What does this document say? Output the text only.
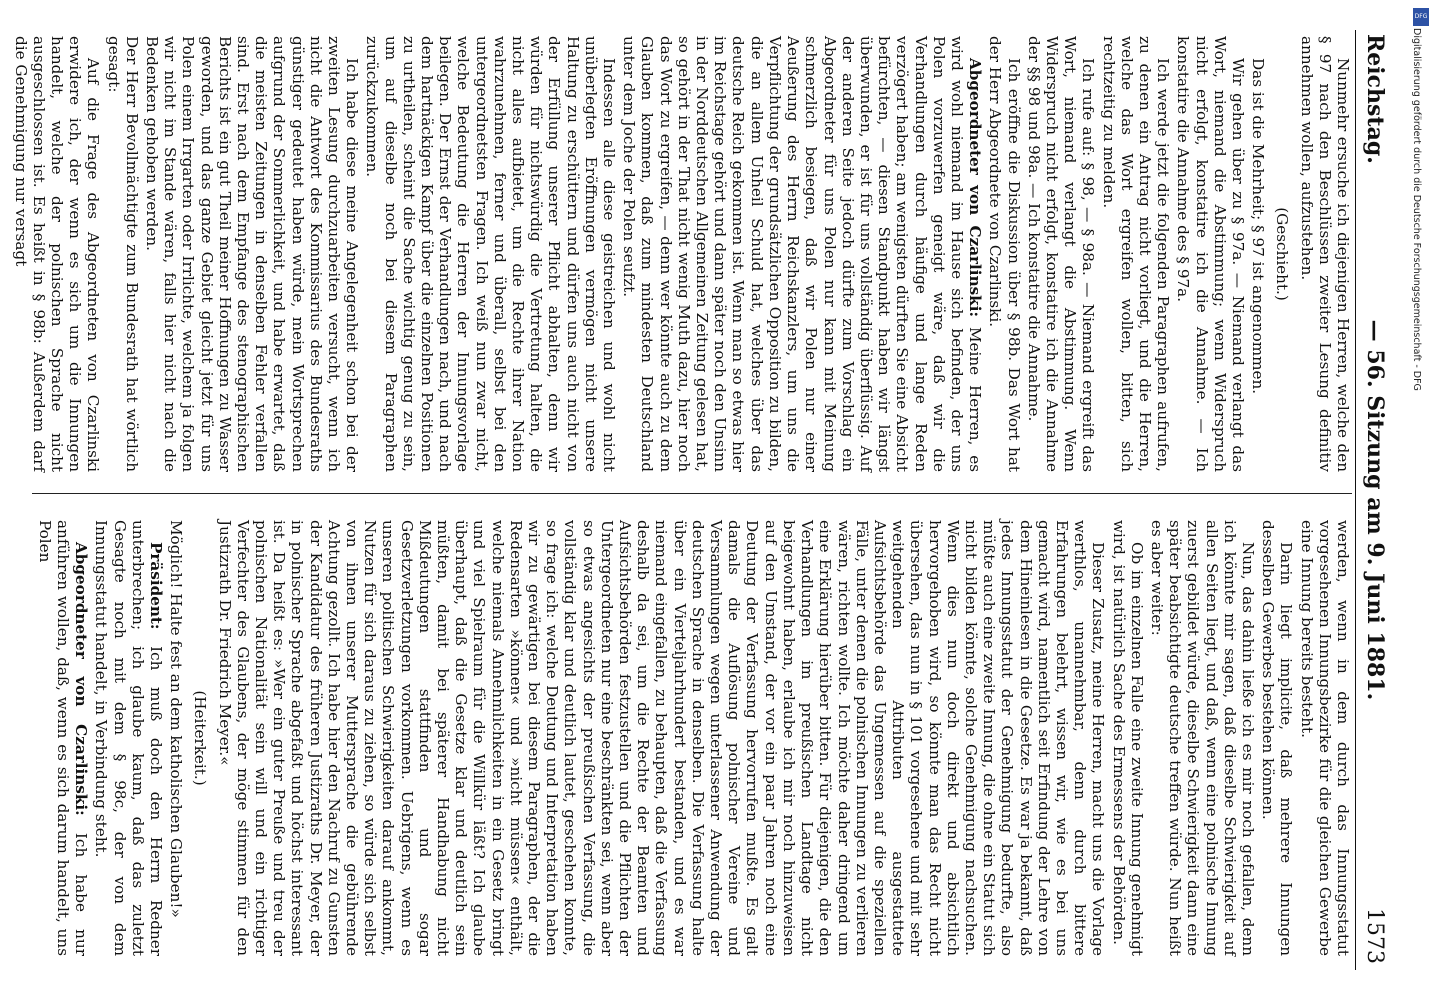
Reichstag.
— 56. Sitzung am 9. Juni 1881.
1573

Nunmehr ersuche ich diejenigen Herren, welche den § 97 nach den Beschlüssen zweiter Lesung definitiv annehmen wollen, aufzustehen.

(Geschieht.)

Das ist die Mehrheit; § 97 ist angenommen.

Wir gehen über zu § 97a. — Niemand verlangt das Wort, niemand die Abstimmung; wenn Widerspruch nicht erfolgt, konstatire ich die Annahme. — Ich konstatire die Annahme des § 97a.

Ich werde jetzt die folgenden Paragraphen aufrufen, zu denen ein Antrag nicht vorliegt, und die Herren, welche das Wort ergreifen wollen, bitten, sich rechtzeitig zu melden.

Ich rufe auf: § 98, — § 98a. — Niemand ergreift das Wort, niemand verlangt die Abstimmung. Wenn Widerspruch nicht erfolgt, konstatire ich die Annahme der §§ 98 und 98a. — Ich konstatire die Annahme.

Ich eröffne die Diskussion über § 98b. Das Wort hat der Herr Abgeordnete von Czarlinski.

Abgeordneter von Czarlinski: Meine Herren, es wird wohl niemand im Hause sich befinden, der uns Polen vorzuwerfen geneigt wäre, daß wir die Verhandlungen durch häufige und lange Reden verzögert haben; am wenigsten dürften Sie eine Absicht befürchten, — diesen Standpunkt haben wir längst überwunden, er ist für uns vollständig überflüssig. Auf der anderen Seite jedoch dürfte zum Vorschlag ein Abgeordneter für uns Polen nur kann mit Meinung schmerzlich besiegen, daß wir Polen nur einer Aeußerung des Herrn Reichskanzlers, um uns die Verpflichtung der grundsätzlichen Opposition zu bilden, die an allem Unheil Schuld hat, welches über das deutsche Reich gekommen ist. Wenn man so etwas hier im Reichstage gehört und dann später noch den Unsinn in der Norddeutschen Allgemeinen Zeitung gelesen hat, so gehört in der That nicht wenig Muth dazu, hier noch das Wort zu ergreifen, — denn wer könnte auch zu dem Glauben kommen, daß zum mindesten Deutschland unter dem Joche der Polen seufzt.

Indessen alle diese geistreichen und wohl nicht unüberlegten Eröffnungen vermögen nicht unsere Haltung zu erschüttern und dürfen uns auch nicht von der Erfüllung unserer Pflicht abhalten, denn wir würden für nichtswürdig die Vertretung halten, die nicht alles aufbietet, um die Rechte ihrer Nation wahrzunehmen, ferner und überall, selbst bei den untergeordnetsten Fragen. Ich weiß nun zwar nicht, welche Bedeutung die Herren der Innungsvorlage beilegen. Der Ernst der Verhandlungen nach, und nach dem hartnäckigen Kampf über die einzelnen Positionen zu urtheilen, scheint die Sache wichtig genug zu sein, um auf dieselbe noch bei diesem Paragraphen zurückzukommen.

Ich habe diese meine Angelegenheit schon bei der zweiten Lesung durchzuarbeiten versucht, wenn ich nicht die Antwort des Kommissarius des Bundesraths günstiger gedeutet haben würde, mein Wortsprechen aufgrund der Sommerlichkeit, und habe erwartet, daß die meisten Zeitungen in denselben Fehler verfallen sind. Erst nach dem Empfange des stenographischen Berichts ist ein gut Theil meiner Hoffnungen zu Wasser geworden, und das ganze Gebiet gleicht jetzt für uns Polen einem Irrgarten oder Irrlichte, welchem ja folgen wir nicht im Stande wären, falls hier nicht nach die Bedenken gehoben werden.

Der Herr Bevollmächtigte zum Bundesrath hat wörtlich gesagt:

Auf die Frage des Abgeordneten von Czarlinski erwidere ich, der wenn es sich um die Innungen handelt, welche der polnischen Sprache nicht ausgeschlossen ist. Es heißt in § 98b: Außerdem darf die Genehmigung nur versagt

werden, wenn in dem durch das Innungsstatut vorgesehenen Innungsbezirke für die gleichen Gewerbe eine Innung bereits besteht.

Darin liegt implicite, daß mehrere Innungen desselben Gewerbes bestehen können.

Nun, das dahin ließe ich es mir noch gefallen, denn ich könnte mir sagen, daß dieselbe Schwierigkeit auf allen Seiten liegt, und daß, wenn eine polnische Innung zuerst gebildet würde, dieselbe Schwierigkeit dann eine später beabsichtigte deutsche treffen würde. Nun heißt es aber weiter:

Ob im einzelnen Falle eine zweite Innung genehmigt wird, ist natürlich Sache des Ermessens der Behörden.

Dieser Zusatz, meine Herren, macht uns die Vorlage werthlos, unannehmbar, denn durch bittere Erfahrungen belehrt, wissen wir, wie es bei uns gemacht wird, namentlich seit Erfindung der Lehre von dem Hineinlesen in die Gesetze. Es war ja bekannt, daß jedes Innungsstatut der Genehmigung bedurfte, also müßte auch eine zweite Innung, die ohne ein Statut sich nicht bilden könnte, solche Genehmigung nachsuchen. Wenn dies nun doch direkt und absichtlich hervorgehoben wird, so könnte man das Recht nicht übersehen, das nun in § 101 vorgesehene und mit sehr weitgehenden Attributen ausgestattete Aufsichtsbehörde das Ungemessen auf die speziellen Fälle, unter denen die polnischen Innungen zu verlieren wären, richten wollte. Ich möchte daher dringend um eine Erklärung hierüber bitten. Für diejenigen, die den Verhandlungen im preußischen Landtage nicht beigewohnt haben, erlaube ich mir noch hinzuweisen auf den Umstand, der vor ein paar Jahren noch eine Deutung der Verfassung hervorrufen mußte. Es galt damals die Auflösung polnischer Vereine und Versammlungen wegen unterlassener Anwendung der deutschen Sprache in denselben. Die Verfassung halte über ein Vierteljahrhundert bestanden, und es war niemand eingefallen, zu behaupten, daß die Verfassung deshalb da sei, um die Rechte der Beamten und Aufsichtsbehörden festzustellen und die Pflichten der Untergeordneten nur eine beschränkten sei, wenn aber so etwas angesichts der preußischen Verfassung, die vollständig klar und deutlich lautet, geschehen konnte, so frage ich: welche Deutung und Interpretation haben wir zu gewärtigen bei diesem Paragraphen, der die Redensarten »können« und »nicht müssen« enthält, welche niemals Annehmlichkeiten in ein Gesetz bringt und viel Spielraum für die Willkür läßt? Ich glaube überhaupt, daß die Gesetze klar und deutlich sein müßten, damit bei späterer Handhabung nicht Mißdeutungen stattfinden und sogar Gesetzverletzungen vorkommen. Uebrigens, wenn es unseren politischen Schwierigkeiten darauf ankommt, Nutzen für sich daraus zu ziehen, so würde sich selbst von ihnen unserer Muttersprache die gebührende Achtung gezollt. Ich habe hier den Nachruf zu Gunsten der Kandidatur des früheren Justizraths Dr. Meyer, der in polnischer Sprache abgefaßt und höchst interessant ist. Da heißt es: »Wer ein guter Preuße und treu der polnischen Nationalität sein will und ein richtiger Verfechter des Glaubens, der möge stimmen für den Justizrath Dr. Friedrich Meyer.«

(Heiterkeit.)

Möglich! Halte fest an dem katholischen Glauben!»

Präsident: Ich muß doch den Herrn Redner unterbrechen; ich glaube kaum, daß das zuletzt Gesagte noch mit dem § 98c, der von dem Innungsstatut handelt, in Verbindung steht.

Abgeordneter von Czarlinski: Ich habe nur anführen wollen, daß, wenn es sich darum handelt, uns Polen

DFG
Digitalisierung gefördert durch die Deutsche Forschungsgemeinschaft - DFG
